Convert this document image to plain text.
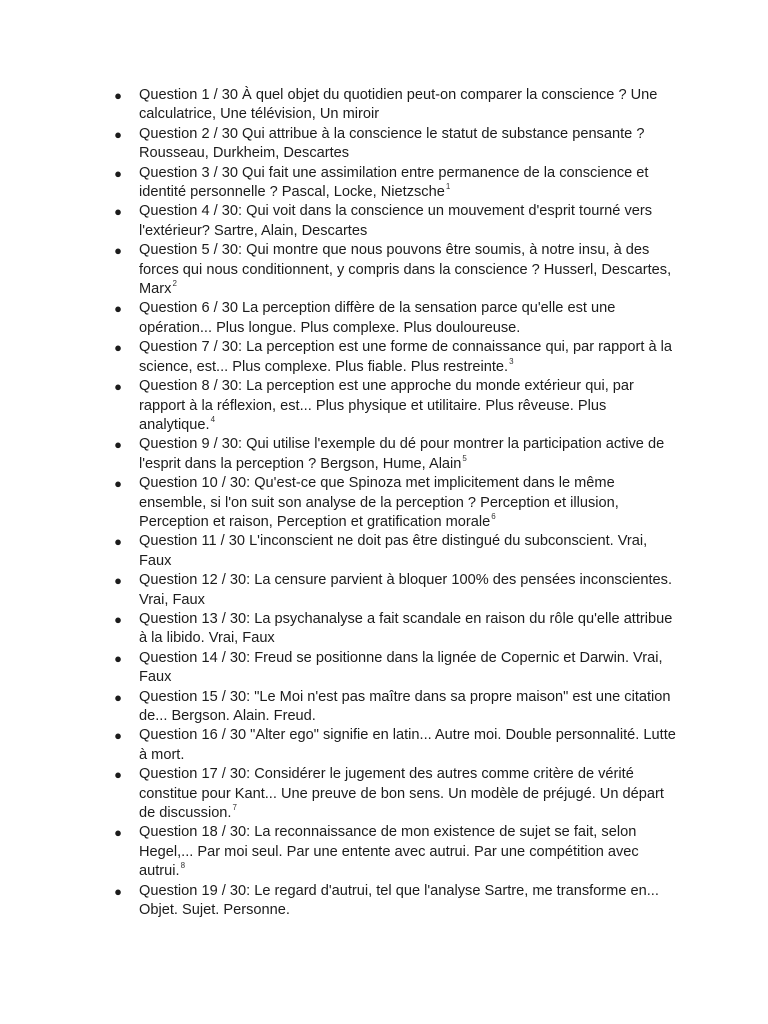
● Question 1 / 30 À quel objet du quotidien peut-on comparer la conscience ? Une calculatrice, Une télévision, Un miroir
● Question 2 / 30 Qui attribue à la conscience le statut de substance pensante ? Rousseau, Durkheim, Descartes
● Question 3 / 30 Qui fait une assimilation entre permanence de la conscience et identité personnelle ? Pascal, Locke, Nietzsche$^1$
● Question 4 / 30: Qui voit dans la conscience un mouvement d'esprit tourné vers l'extérieur? Sartre, Alain, Descartes
● Question 5 / 30: Qui montre que nous pouvons être soumis, à notre insu, à des forces qui nous conditionnent, y compris dans la conscience ? Husserl, Descartes, Marx$^2$
● Question 6 / 30 La perception diffère de la sensation parce qu'elle est une opération... Plus longue. Plus complexe. Plus douloureuse.
● Question 7 / 30: La perception est une forme de connaissance qui, par rapport à la science, est... Plus complexe. Plus fiable. Plus restreinte.$^3$
● Question 8 / 30: La perception est une approche du monde extérieur qui, par rapport à la réflexion, est... Plus physique et utilitaire. Plus rêveuse. Plus analytique.$^4$
● Question 9 / 30: Qui utilise l'exemple du dé pour montrer la participation active de l'esprit dans la perception ? Bergson, Hume, Alain$^5$
● Question 10 / 30: Qu'est-ce que Spinoza met implicitement dans le même ensemble, si l'on suit son analyse de la perception ? Perception et illusion, Perception et raison, Perception et gratification morale$^6$
● Question 11 / 30 L'inconscient ne doit pas être distingué du subconscient. Vrai, Faux
● Question 12 / 30: La censure parvient à bloquer 100% des pensées inconscientes. Vrai, Faux
● Question 13 / 30: La psychanalyse a fait scandale en raison du rôle qu'elle attribue à la libido. Vrai, Faux
● Question 14 / 30: Freud se positionne dans la lignée de Copernic et Darwin. Vrai, Faux
● Question 15 / 30: "Le Moi n'est pas maître dans sa propre maison" est une citation de... Bergson. Alain. Freud.
● Question 16 / 30 "Alter ego" signifie en latin... Autre moi. Double personnalité. Lutte à mort.
● Question 17 / 30: Considérer le jugement des autres comme critère de vérité constitue pour Kant... Une preuve de bon sens. Un modèle de préjugé. Un départ de discussion.$^7$
● Question 18 / 30: La reconnaissance de mon existence de sujet se fait, selon Hegel,... Par moi seul. Par une entente avec autrui. Par une compétition avec autrui.$^8$
● Question 19 / 30: Le regard d'autrui, tel que l'analyse Sartre, me transforme en... Objet. Sujet. Personne.
